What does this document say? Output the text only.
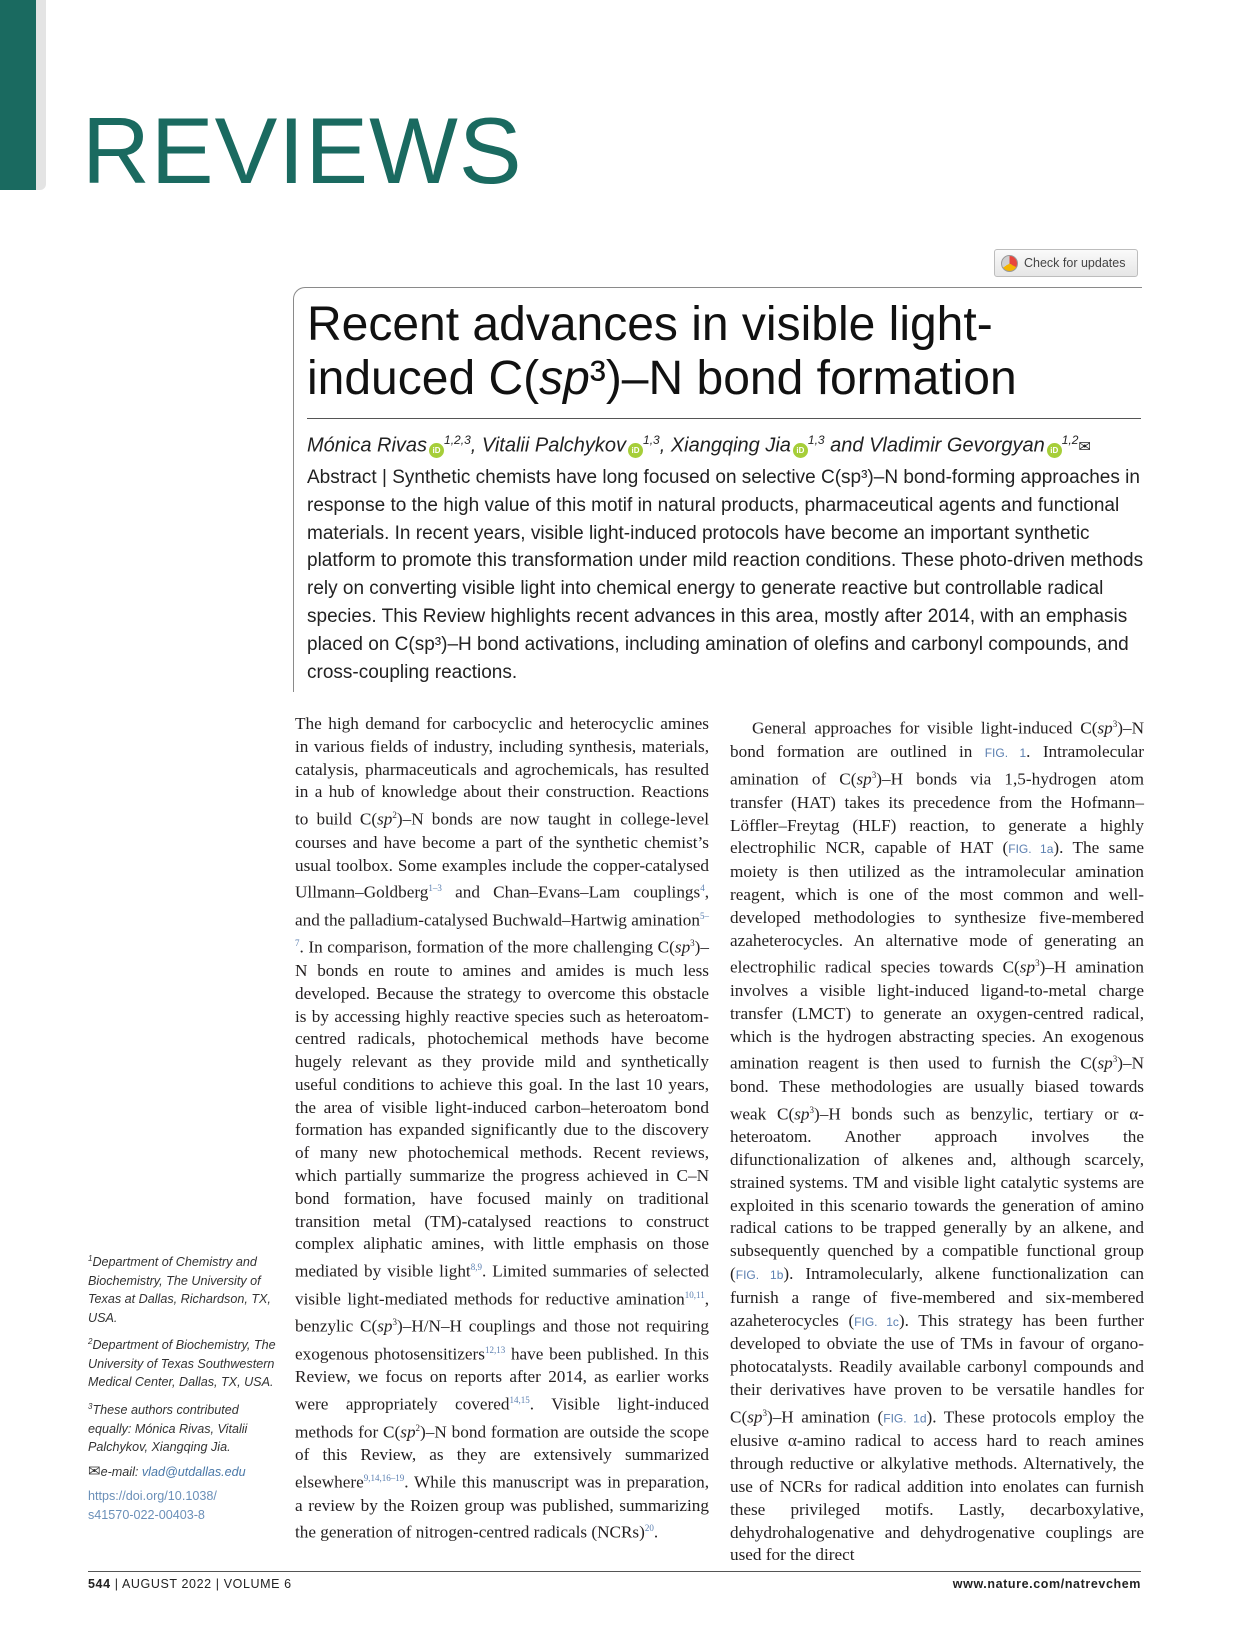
REVIEWS
Check for updates
Recent advances in visible light-
induced C(sp³)–N bond formation
Mónica Rivas iD$^{1,2,3}$, Vitalii Palchykov iD$^{1,3}$, Xiangqing Jia iD$^{1,3}$ and Vladimir Gevorgyan iD$^{1,2}$✉

Abstract | Synthetic chemists have long focused on selective C(sp³)–N bond-forming approaches in response to the high value of this motif in natural products, pharmaceutical agents and functional materials. In recent years, visible light-induced protocols have become an important synthetic platform to promote this transformation under mild reaction conditions. These photo-driven methods rely on converting visible light into chemical energy to generate reactive but controllable radical species. This Review highlights recent advances in this area, mostly after 2014, with an emphasis placed on C(sp³)–H bond activations, including amination of olefins and carbonyl compounds, and cross-coupling reactions.

The high demand for carbocyclic and heterocyclic amines in various fields of industry, including synthesis, materials, catalysis, pharmaceuticals and agrochemicals, has resulted in a hub of knowledge about their construction. Reactions to build $C(sp^2)-N$ bonds are now taught in college-level courses and have become a part of the synthetic chemist’s usual toolbox. Some examples include the copper-catalysed Ullmann–Goldberg$^{1-3}$ and Chan–Evans–Lam couplings$^4$, and the palladium-catalysed Buchwald–Hartwig amination$^{5-7}$. In comparison, formation of the more challenging $C(sp^3)-N$ bonds en route to amines and amides is much less developed. Because the strategy to overcome this obstacle is by accessing highly reactive species such as heteroatom-centred radicals, photochemical methods have become hugely relevant as they provide mild and synthetically useful conditions to achieve this goal. In the last 10 years, the area of visible light-induced carbon–heteroatom bond formation has expanded significantly due to the discovery of many new photochemical methods. Recent reviews, which partially summarize the progress achieved in C–N bond formation, have focused mainly on traditional transition metal (TM)-catalysed reactions to construct complex aliphatic amines, with little emphasis on those mediated by visible light$^{8,9}$. Limited summaries of selected visible light-mediated methods for reductive amination$^{10,11}$, benzylic $C(sp^3)-H/N-H$ couplings and those not requiring exogenous photosensitizers$^{12,13}$ have been published. In this Review, we focus on reports after 2014, as earlier works were appropriately covered$^{14,15}$. Visible light-induced methods for $C(sp^2)-N$ bond formation are outside the scope of this Review, as they are extensively summarized elsewhere$^{9,14,16-19}$. While this manuscript was in preparation, a review by the Roizen group was published, summarizing the generation of nitrogen-centred radicals (NCRs)$^{20}$.

General approaches for visible light-induced $C(sp^3)-N$ bond formation are outlined in FIG. 1. Intramolecular amination of $C(sp^3)-H$ bonds via 1,5-hydrogen atom transfer (HAT) takes its precedence from the Hofmann–Löffler–Freytag (HLF) reaction, to generate a highly electrophilic NCR, capable of HAT (FIG. 1a). The same moiety is then utilized as the intramolecular amination reagent, which is one of the most common and well-developed methodologies to synthesize five-membered azaheterocycles. An alternative mode of generating an electrophilic radical species towards $C(sp^3)-H$ amination involves a visible light-induced ligand-to-metal charge transfer (LMCT) to generate an oxygen-centred radical, which is the hydrogen abstracting species. An exogenous amination reagent is then used to furnish the $C(sp^3)-N$ bond. These methodologies are usually biased towards weak $C(sp^3)-H$ bonds such as benzylic, tertiary or α-heteroatom. Another approach involves the difunctionalization of alkenes and, although scarcely, strained systems. TM and visible light catalytic systems are exploited in this scenario towards the generation of amino radical cations to be trapped generally by an alkene, and subsequently quenched by a compatible functional group (FIG. 1b). Intramolecularly, alkene functionalization can furnish a range of five-membered and six-membered azaheterocycles (FIG. 1c). This strategy has been further developed to obviate the use of TMs in favour of organo-photocatalysts. Readily available carbonyl compounds and their derivatives have proven to be versatile handles for $C(sp^3)-H$ amination (FIG. 1d). These protocols employ the elusive α-amino radical to access hard to reach amines through reductive or alkylative methods. Alternatively, the use of NCRs for radical addition into enolates can furnish these privileged motifs. Lastly, decarboxylative, dehydrohalogenative and dehydrogenative couplings are used for the direct

$^1$Department of Chemistry and Biochemistry, The University of Texas at Dallas, Richardson, TX, USA.

$^2$Department of Biochemistry, The University of Texas Southwestern Medical Center, Dallas, TX, USA.

$^3$These authors contributed equally: Mónica Rivas, Vitalii Palchykov, Xiangqing Jia.

✉e-mail: vlad@utdallas.edu

https://doi.org/10.1038/
s41570-022-00403-8

544 | AUGUST 2022 | VOLUME 6	www.nature.com/natrevchem
